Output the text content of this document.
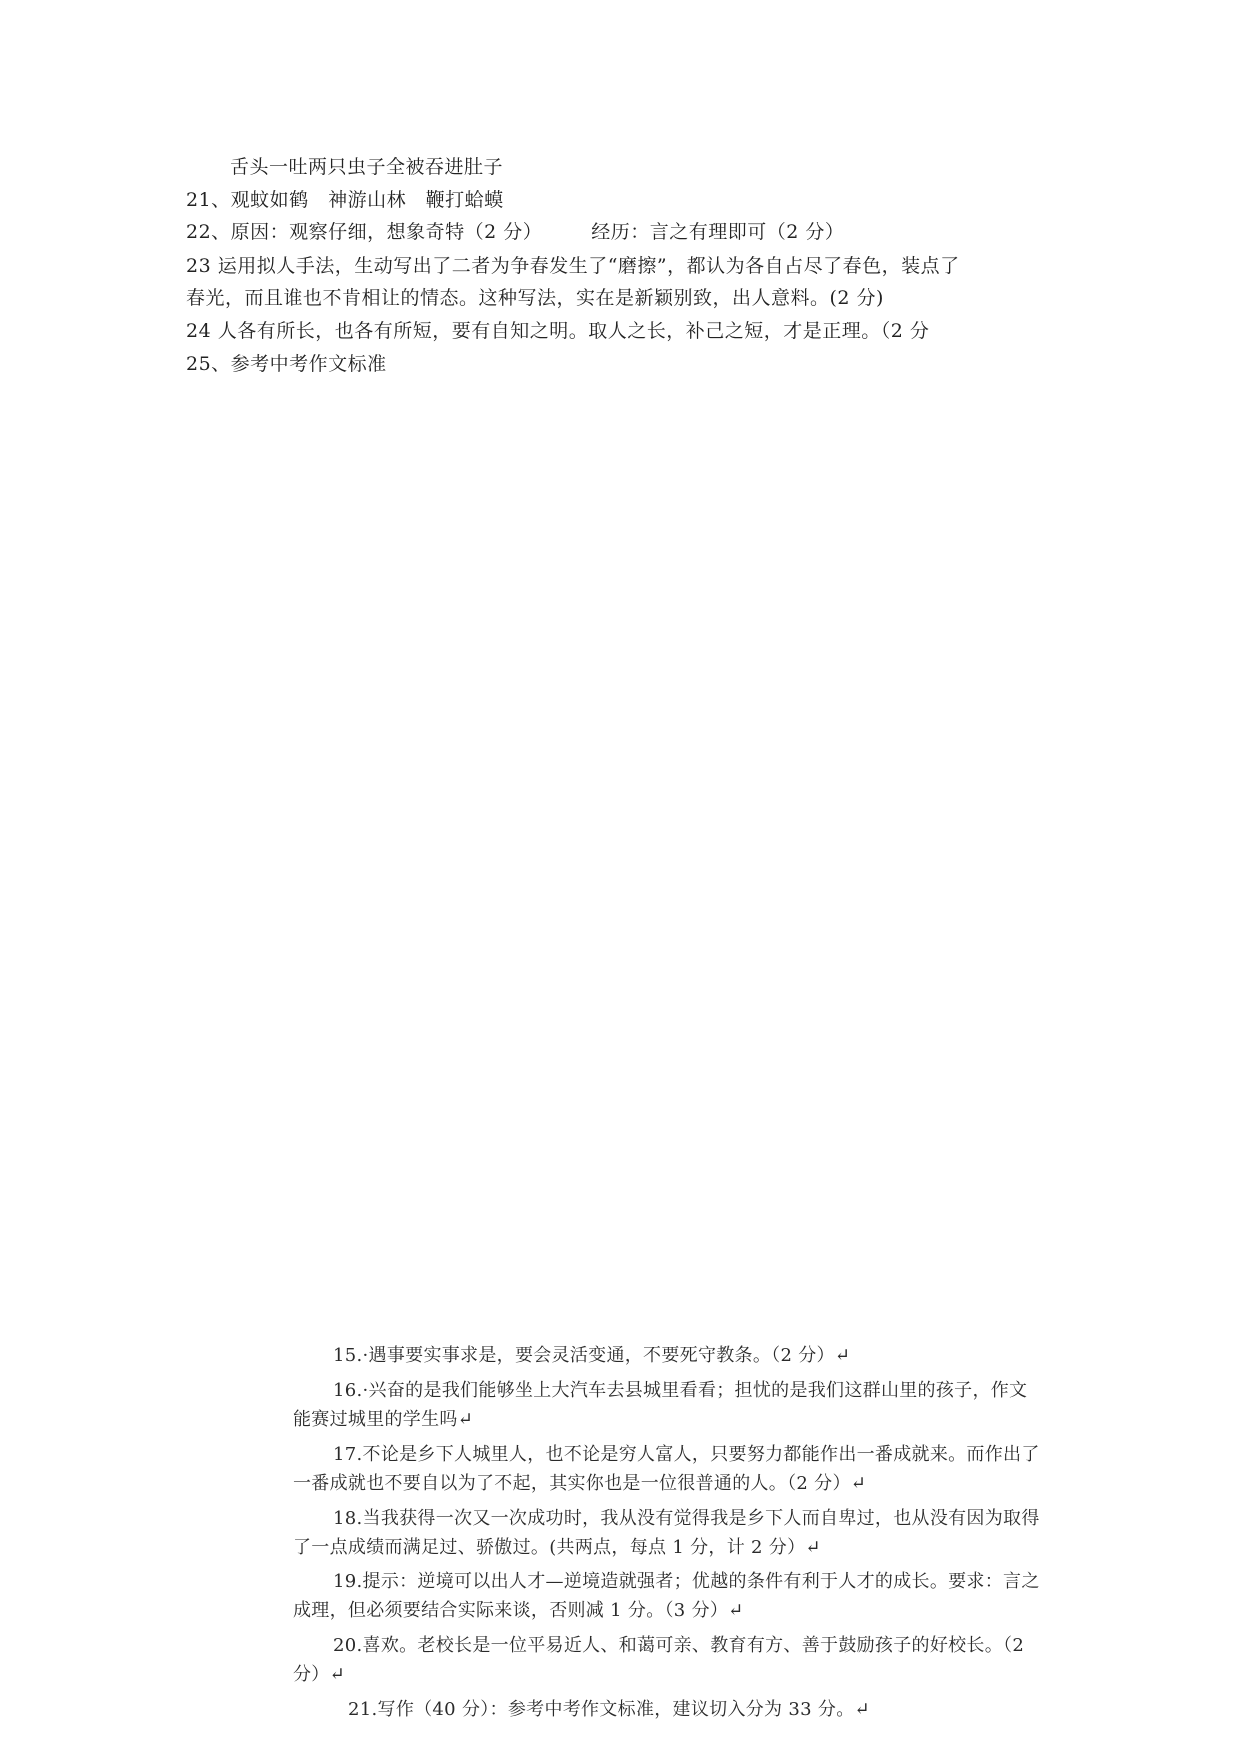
舌头一吐两只虫子全被吞进肚子
21、观蚊如鹤　神游山林　鞭打蛤蟆
22、原因：观察仔细，想象奇特（2 分）　　　经历：言之有理即可（2 分）
23 运用拟人手法，生动写出了二者为争春发生了“磨擦”，都认为各自占尽了春色，装点了
春光，而且谁也不肯相让的情态。这种写法，实在是新颖别致，出人意料。(2 分)
24 人各有所长，也各有所短，要有自知之明。取人之长，补己之短，才是正理。（2 分
25、参考中考作文标准
15.·遇事要实事求是，要会灵活变通，不要死守教条。（2 分）↵
16.·兴奋的是我们能够坐上大汽车去县城里看看；担忧的是我们这群山里的孩子，作文
能赛过城里的学生吗↵
17.不论是乡下人城里人，也不论是穷人富人，只要努力都能作出一番成就来。而作出了
一番成就也不要自以为了不起，其实你也是一位很普通的人。（2 分）↵
18.当我获得一次又一次成功时，我从没有觉得我是乡下人而自卑过，也从没有因为取得
了一点成绩而满足过、骄傲过。(共两点，每点 1 分，计 2 分）↵
19.提示：逆境可以出人才—逆境造就强者；优越的条件有利于人才的成长。要求：言之
成理，但必须要结合实际来谈，否则减 1 分。（3 分）↵
20.喜欢。老校长是一位平易近人、和蔼可亲、教育有方、善于鼓励孩子的好校长。（2
分）↵
21.写作（40 分）：参考中考作文标准，建议切入分为 33 分。↵
